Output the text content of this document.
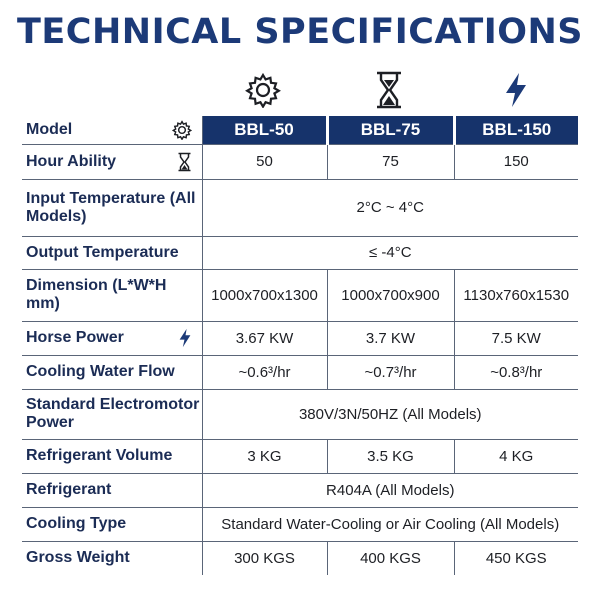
TECHNICAL SPECIFICATIONS
Model	BBL-50	BBL-75	BBL-150
Hour Ability	50	75	150
Input Temperature (All Models)	2°C ~ 4°C		
Output Temperature	≤ -4°C		
Dimension (L*W*H mm)	1000x700x1300	1000x700x900	1130x760x1530
Horse Power	3.67 KW	3.7 KW	7.5 KW
Cooling Water Flow	~0.6³/hr	~0.7³/hr	~0.8³/hr
Standard Electromotor Power	380V/3N/50HZ (All Models)		
Refrigerant Volume	3 KG	3.5 KG	4 KG
Refrigerant	R404A (All Models)		
Cooling Type	Standard Water-Cooling or Air Cooling (All Models)		
Gross Weight	300 KGS	400 KGS	450 KGS
